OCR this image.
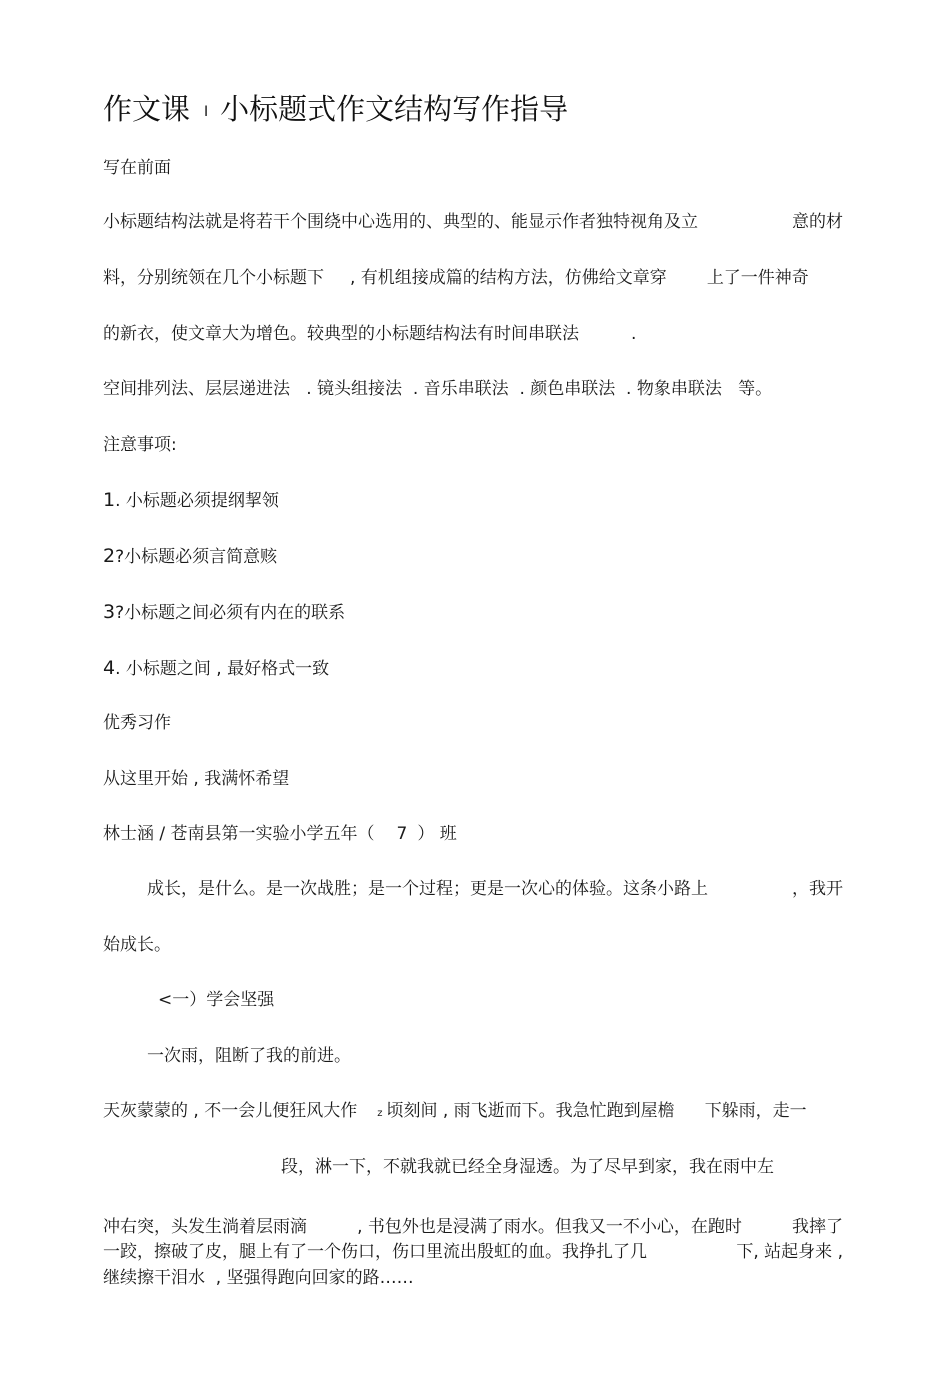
作文课 I 小标题式作文结构写作指导
写在前面
小标题结构法就是将若干个围绕中心选用的、典型的、能显示作者独特视角及立	意的材
料，分别统领在几个小标题下 , 有机组接成篇的结构方法，仿佛给文章穿 上了一件神奇
的新衣，使文章大为增色。较典型的小标题结构法有时间串联法	.
空间排列法、层层递进法   . 镜头组接法  . 音乐串联法  . 颜色串联法  . 物象串联法   等。
注意事项:
1. 小标题必须提纲挈领
2?小标题必须言简意赅
3?小标题之间必须有内在的联系
4. 小标题之间 , 最好格式一致
优秀习作
从这里开始 , 我满怀希望
林士涵 / 苍南县第一实验小学五年（ 7 ） 班
成长，是什么。是一次战胜；是一个过程；更是一次心的体验。这条小路上	，我开
始成长。
<一）学会坚强
一次雨，阻断了我的前进。
天灰蒙蒙的 , 不一会儿便狂风大作 z 顷刻间 , 雨飞逝而下。我急忙跑到屋檐 下躲雨，走一
段，淋一下，不就我就已经全身湿透。为了尽早到家，我在雨中左
冲右突，头发生淌着层雨滴	, 书包外也是浸满了雨水。但我又一不小心，在跑时	我摔了
一跤，擦破了皮，腿上有了一个伤口，伤口里流出殷虹的血。我挣扎了几	下, 站起身来 ,
继续擦干泪水  , 坚强得跑向回家的路……
